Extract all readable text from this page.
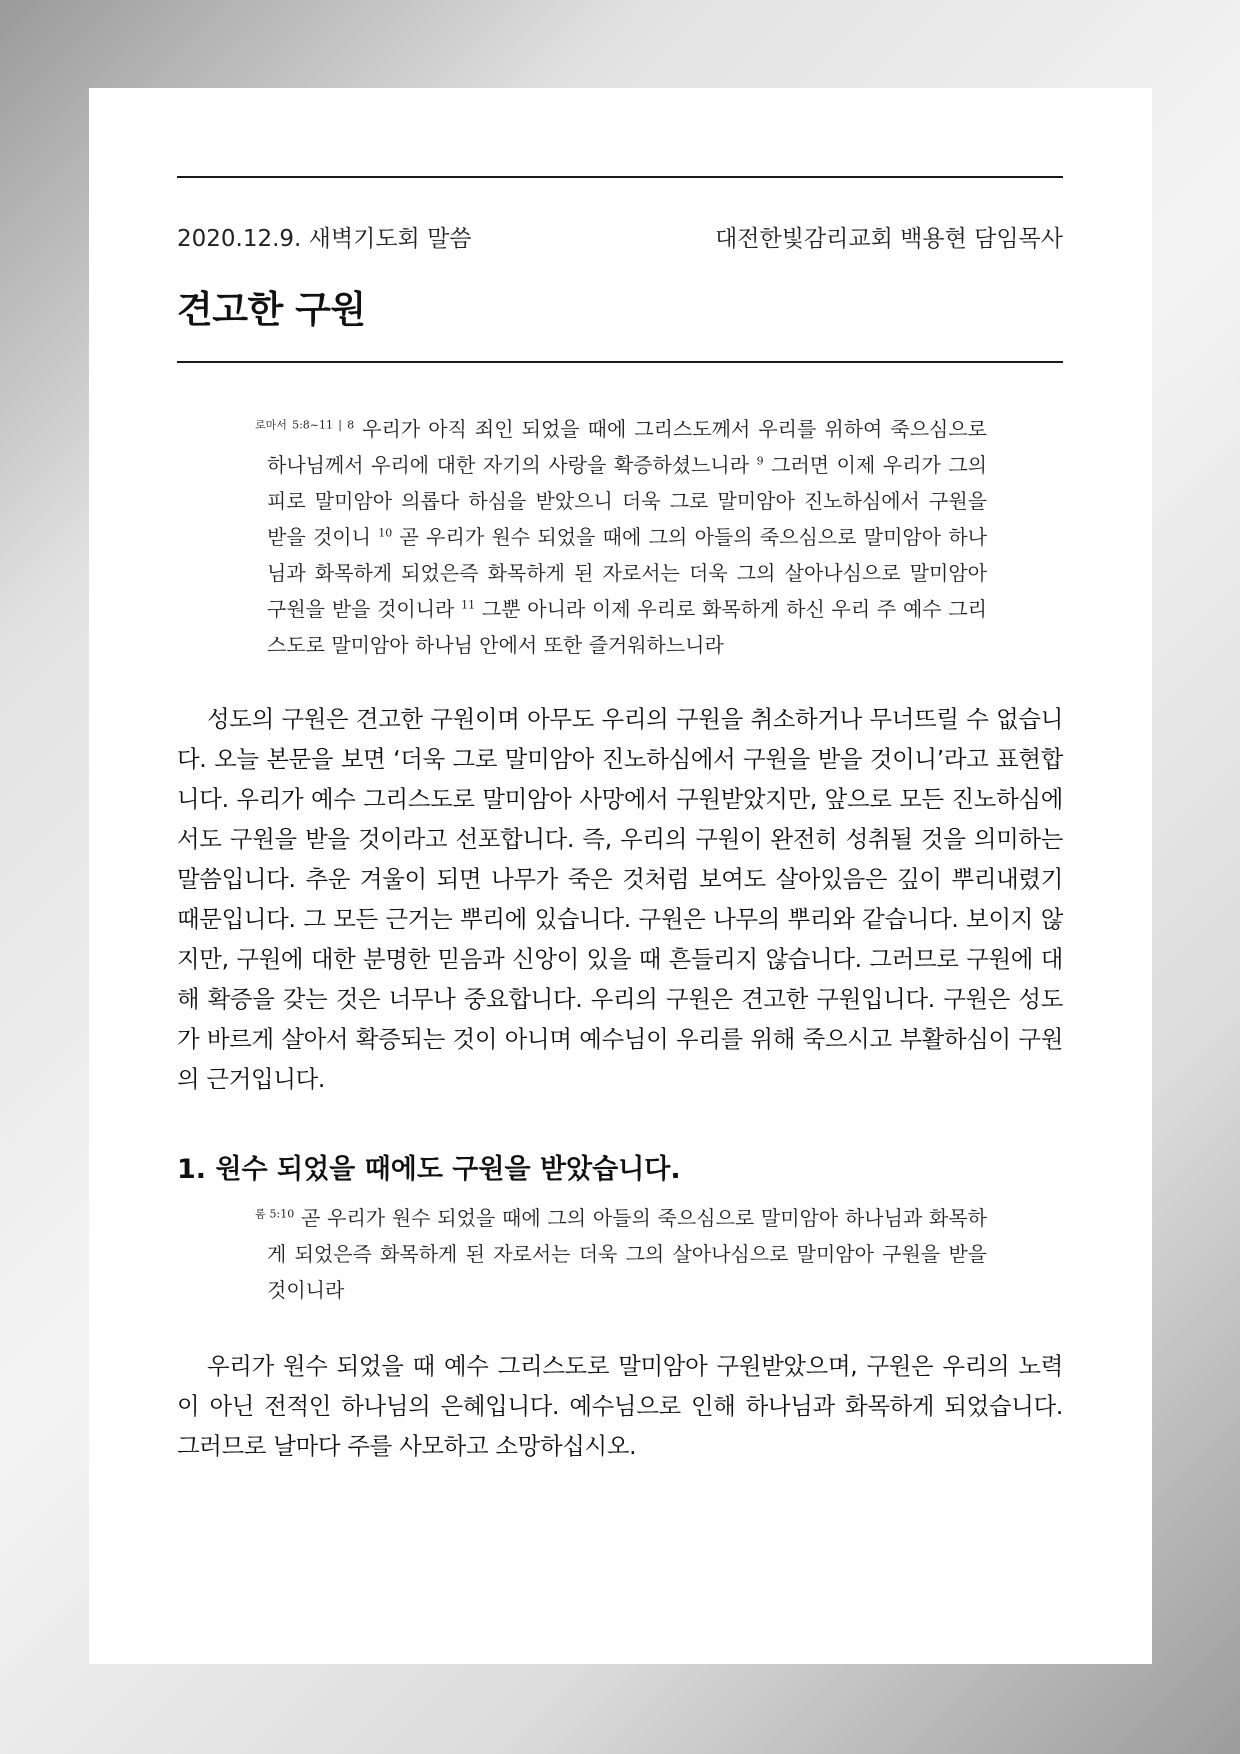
2020.12.9. 새벽기도회 말씀	대전한빛감리교회 백용현 담임목사
견고한 구원

$^{로마서 5:8\sim 11 | 8}$ 우리가 아직 죄인 되었을 때에 그리스도께서 우리를 위하여 죽으심으로 하나님께서 우리에 대한 자기의 사랑을 확증하셨느니라 $^9$ 그러면 이제 우리가 그의 피로 말미암아 의롭다 하심을 받았으니 더욱 그로 말미암아 진노하심에서 구원을 받을 것이니 $^{10}$ 곧 우리가 원수 되었을 때에 그의 아들의 죽으심으로 말미암아 하나님과 화목하게 되었은즉 화목하게 된 자로서는 더욱 그의 살아나심으로 말미암아 구원을 받을 것이니라 $^{11}$ 그뿐 아니라 이제 우리로 화목하게 하신 우리 주 예수 그리스도로 말미암아 하나님 안에서 또한 즐거워하느니라

성도의 구원은 견고한 구원이며 아무도 우리의 구원을 취소하거나 무너뜨릴 수 없습니다. 오늘 본문을 보면 ‘더욱 그로 말미암아 진노하심에서 구원을 받을 것이니’라고 표현합니다. 우리가 예수 그리스도로 말미암아 사망에서 구원받았지만, 앞으로 모든 진노하심에서도 구원을 받을 것이라고 선포합니다. 즉, 우리의 구원이 완전히 성취될 것을 의미하는 말씀입니다. 추운 겨울이 되면 나무가 죽은 것처럼 보여도 살아있음은 깊이 뿌리내렸기 때문입니다. 그 모든 근거는 뿌리에 있습니다. 구원은 나무의 뿌리와 같습니다. 보이지 않지만, 구원에 대한 분명한 믿음과 신앙이 있을 때 흔들리지 않습니다. 그러므로 구원에 대해 확증을 갖는 것은 너무나 중요합니다. 우리의 구원은 견고한 구원입니다. 구원은 성도가 바르게 살아서 확증되는 것이 아니며 예수님이 우리를 위해 죽으시고 부활하심이 구원의 근거입니다.

1. 원수 되었을 때에도 구원을 받았습니다.

$^{롬 5:10}$ 곧 우리가 원수 되었을 때에 그의 아들의 죽으심으로 말미암아 하나님과 화목하게 되었은즉 화목하게 된 자로서는 더욱 그의 살아나심으로 말미암아 구원을 받을 것이니라

우리가 원수 되었을 때 예수 그리스도로 말미암아 구원받았으며, 구원은 우리의 노력이 아닌 전적인 하나님의 은혜입니다. 예수님으로 인해 하나님과 화목하게 되었습니다. 그러므로 날마다 주를 사모하고 소망하십시오.
